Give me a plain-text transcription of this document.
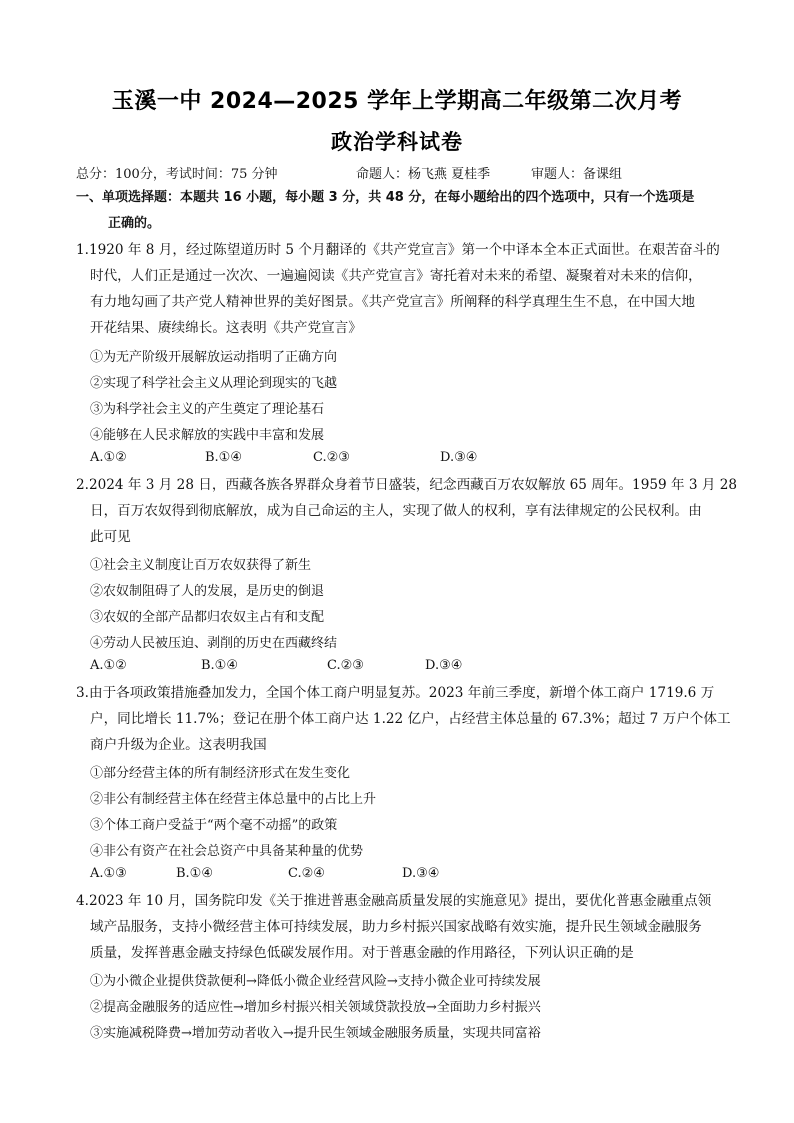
玉溪一中 2024—2025 学年上学期高二年级第二次月考
政治学科试卷
总分：100分，考试时间：75 分钟	命题人：杨飞燕 夏桂季	审题人：备课组
一、单项选择题：本题共 16 小题，每小题 3 分，共 48 分，在每小题给出的四个选项中，只有一个选项是
正确的。
1.1920 年 8 月，经过陈望道历时 5 个月翻译的《共产党宣言》第一个中译本全本正式面世。在艰苦奋斗的
时代，人们正是通过一次次、一遍遍阅读《共产党宣言》寄托着对未来的希望、凝聚着对未来的信仰，
有力地勾画了共产党人精神世界的美好图景。《共产党宣言》所阐释的科学真理生生不息，在中国大地
开花结果、赓续绵长。这表明《共产党宣言》
①为无产阶级开展解放运动指明了正确方向
②实现了科学社会主义从理论到现实的飞越
③为科学社会主义的产生奠定了理论基石
④能够在人民求解放的实践中丰富和发展
A.①②	B.①④	C.②③	D.③④
2.2024 年 3 月 28 日，西藏各族各界群众身着节日盛装，纪念西藏百万农奴解放 65 周年。1959 年 3 月 28
日，百万农奴得到彻底解放，成为自己命运的主人，实现了做人的权利，享有法律规定的公民权利。由
此可见
①社会主义制度让百万农奴获得了新生
②农奴制阻碍了人的发展，是历史的倒退
③农奴的全部产品都归农奴主占有和支配
④劳动人民被压迫、剥削的历史在西藏终结
A.①②	B.①④	C.②③	D.③④
3.由于各项政策措施叠加发力，全国个体工商户明显复苏。2023 年前三季度，新增个体工商户 1719.6 万
户，同比增长 11.7%；登记在册个体工商户达 1.22 亿户，占经营主体总量的 67.3%；超过 7 万户个体工
商户升级为企业。这表明我国
①部分经营主体的所有制经济形式在发生变化
②非公有制经营主体在经营主体总量中的占比上升
③个体工商户受益于“两个毫不动摇”的政策
④非公有资产在社会总资产中具备某种量的优势
A.①③	B.①④	C.②④	D.③④
4.2023 年 10 月，国务院印发《关于推进普惠金融高质量发展的实施意见》提出，要优化普惠金融重点领
域产品服务，支持小微经营主体可持续发展，助力乡村振兴国家战略有效实施，提升民生领域金融服务
质量，发挥普惠金融支持绿色低碳发展作用。对于普惠金融的作用路径，下列认识正确的是
①为小微企业提供贷款便利→降低小微企业经营风险→支持小微企业可持续发展
②提高金融服务的适应性→增加乡村振兴相关领域贷款投放→全面助力乡村振兴
③实施减税降费→增加劳动者收入→提升民生领域金融服务质量，实现共同富裕
